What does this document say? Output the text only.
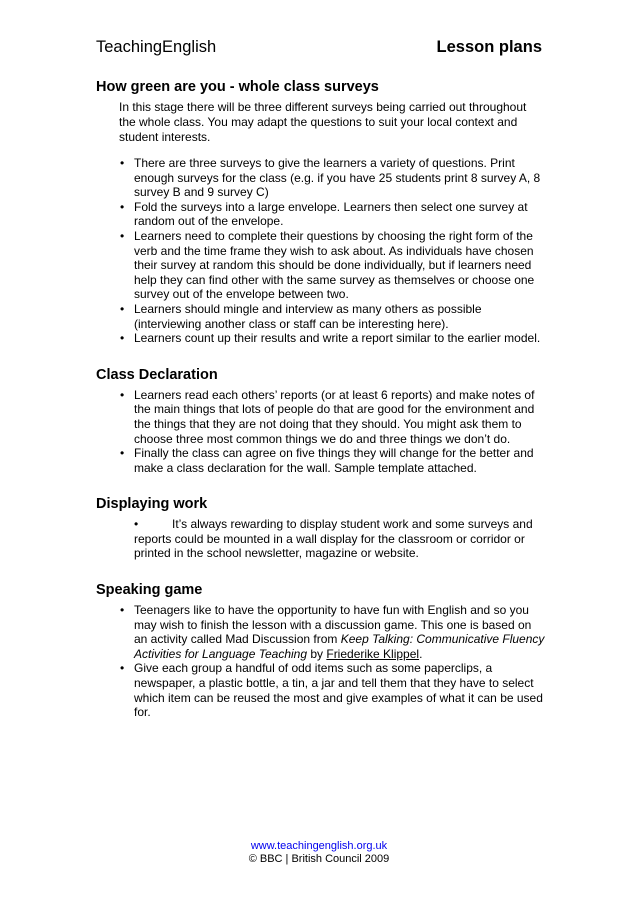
TeachingEnglish	Lesson plans
How green are you - whole class surveys

In this stage there will be three different surveys being carried out throughout the whole class. You may adapt the questions to suit your local context and student interests.

• There are three surveys to give the learners a variety of questions. Print enough surveys for the class (e.g. if you have 25 students print 8 survey A, 8 survey B and 9 survey C)
• Fold the surveys into a large envelope. Learners then select one survey at random out of the envelope.
• Learners need to complete their questions by choosing the right form of the verb and the time frame they wish to ask about. As individuals have chosen their survey at random this should be done individually, but if learners need help they can find other with the same survey as themselves or choose one survey out of the envelope between two.
• Learners should mingle and interview as many others as possible (interviewing another class or staff can be interesting here).
• Learners count up their results and write a report similar to the earlier model.
Class Declaration
• Learners read each others’ reports (or at least 6 reports) and make notes of the main things that lots of people do that are good for the environment and the things that they are not doing that they should. You might ask them to choose three most common things we do and three things we don’t do.
• Finally the class can agree on five things they will change for the better and make a class declaration for the wall. Sample template attached.
Displaying work
•	It’s always rewarding to display student work and some surveys and reports could be mounted in a wall display for the classroom or corridor or printed in the school newsletter, magazine or website.
Speaking game
• Teenagers like to have the opportunity to have fun with English and so you may wish to finish the lesson with a discussion game. This one is based on an activity called Mad Discussion from Keep Talking: Communicative Fluency Activities for Language Teaching by Friederike Klippel.
• Give each group a handful of odd items such as some paperclips, a newspaper, a plastic bottle, a tin, a jar and tell them that they have to select which item can be reused the most and give examples of what it can be used for.
www.teachingenglish.org.uk
© BBC | British Council 2009
